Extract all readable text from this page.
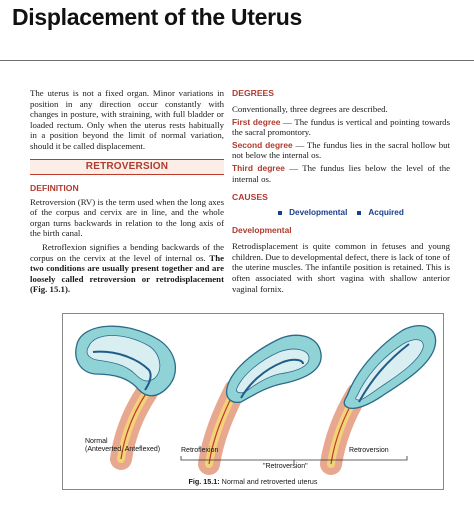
Displacement of the Uterus

The uterus is not a fixed organ. Minor variations in position in any direction occur constantly with changes in posture, with straining, with full bladder or loaded rectum. Only when the uterus rests habitually in a position beyond the limit of normal variation, should it be called displacement.

RETROVERSION
DEFINITION

Retroversion (RV) is the term used when the long axes of the corpus and cervix are in line, and the whole organ turns backwards in relation to the long axis of the birth canal.

Retroflexion signifies a bending backwards of the corpus on the cervix at the level of internal os. The two conditions are usually present together and are loosely called retroversion or retrodisplacement (Fig. 15.1).

DEGREES

Conventionally, three degrees are described.

First degree — The fundus is vertical and pointing towards the sacral promontory.

Second degree — The fundus lies in the sacral hollow but not below the internal os.

Third degree — The fundus lies below the level of the internal os.

CAUSES
Developmental	Acquired
Developmental

Retrodisplacement is quite common in fetuses and young children. Due to developmental defect, there is lack of tone of the uterine muscles. The infantile position is retained. This is often associated with short vagina with shallow anterior vaginal fornix.

Normal
(Anteverted, Anteflexed)	Retroflexion	Retroversion
"Retroversion"
Fig. 15.1: Normal and retroverted uterus
